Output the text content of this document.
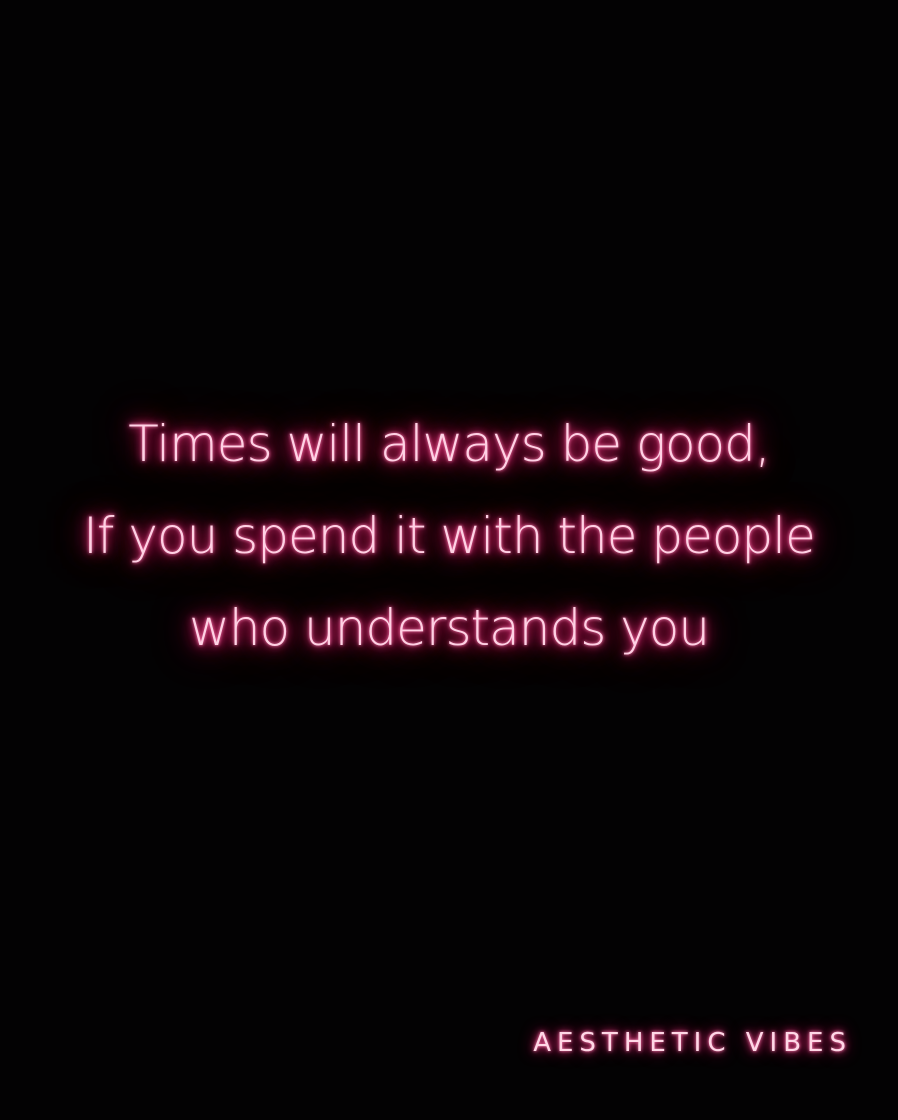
Times will always be good,
If you spend it with the people
who understands you
AESTHETIC VIBES
